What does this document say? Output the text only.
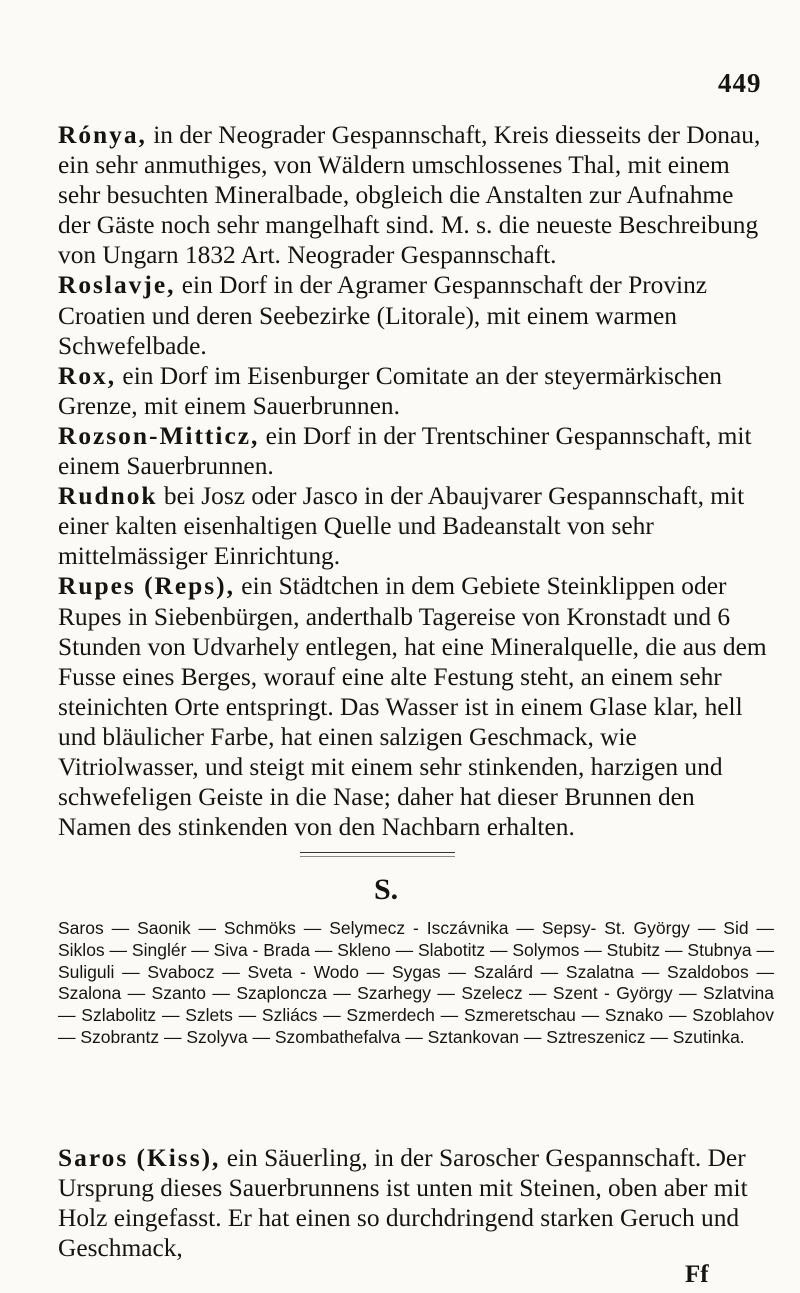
449

Rónya, in der Neograder Gespannschaft, Kreis diesseits der Donau, ein sehr anmuthiges, von Wäldern umschlossenes Thal, mit einem sehr besuchten Mineralbade, obgleich die Anstalten zur Aufnahme der Gäste noch sehr mangelhaft sind. M. s. die neueste Beschreibung von Ungarn 1832 Art. Neograder Gespannschaft.

Roslavje, ein Dorf in der Agramer Gespannschaft der Provinz Croatien und deren Seebezirke (Litorale), mit einem warmen Schwefelbade.

Rox, ein Dorf im Eisenburger Comitate an der steyermärkischen Grenze, mit einem Sauerbrunnen.

Rozson-Mitticz, ein Dorf in der Trentschiner Gespannschaft, mit einem Sauerbrunnen.

Rudnok bei Josz oder Jasco in der Abaujvarer Gespannschaft, mit einer kalten eisenhaltigen Quelle und Badeanstalt von sehr mittelmässiger Einrichtung.

Rupes (Reps), ein Städtchen in dem Gebiete Steinklippen oder Rupes in Siebenbürgen, anderthalb Tagereise von Kronstadt und 6 Stunden von Udvarhely entlegen, hat eine Mineralquelle, die aus dem Fusse eines Berges, worauf eine alte Festung steht, an einem sehr steinichten Orte entspringt. Das Wasser ist in einem Glase klar, hell und bläulicher Farbe, hat einen salzigen Geschmack, wie Vitriolwasser, und steigt mit einem sehr stinkenden, harzigen und schwefeligen Geiste in die Nase; daher hat dieser Brunnen den Namen des stinkenden von den Nachbarn erhalten.

S.
Saros — Saonik — Schmöks — Selymecz - Isczávnika — Sepsy- St. György — Sid — Siklos — Singlér — Siva - Brada — Skleno — Slabotitz — Solymos — Stubitz — Stubnya — Suliguli — Svabocz — Sveta - Wodo — Sygas — Szalárd — Szalatna — Szaldobos — Szalona — Szanto — Szaploncza — Szarhegy — Szelecz — Szent - György — Szlatvina — Szlabolitz — Szlets — Szliács — Szmerdech — Szmeretschau — Sznako — Szoblahov — Szobrantz — Szolyva — Szombathefalva — Sztankovan — Sztreszenicz — Szutinka.

Saros (Kiss), ein Säuerling, in der Saroscher Gespannschaft. Der Ursprung dieses Sauerbrunnens ist unten mit Steinen, oben aber mit Holz eingefasst. Er hat einen so durchdringend starken Geruch und Geschmack,

Ff
